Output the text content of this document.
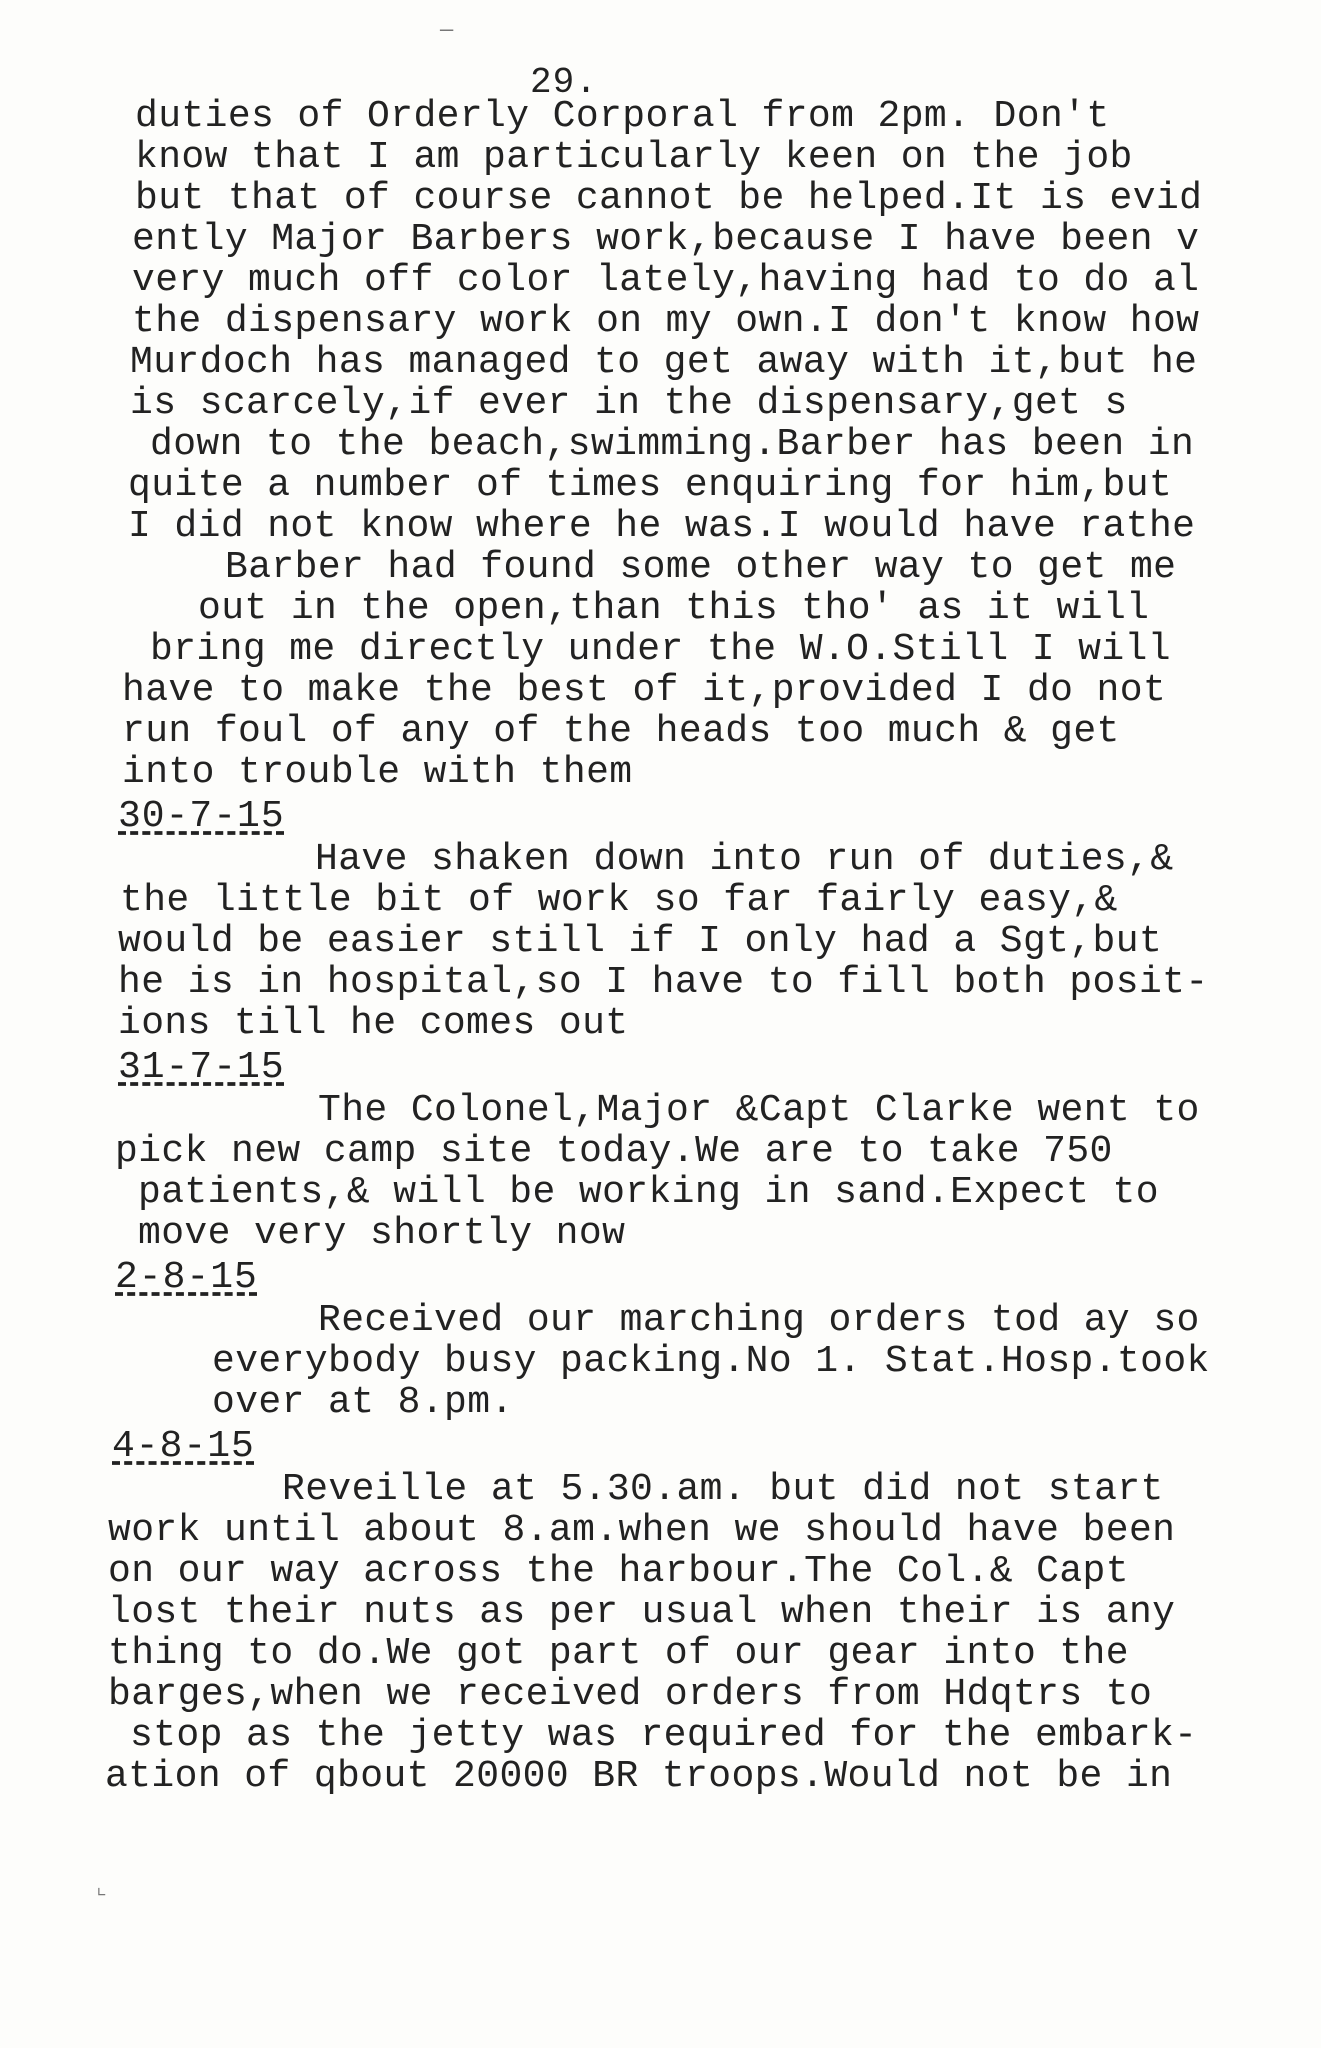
—
29.
duties of Orderly Corporal from 2pm. Don't
know that I am particularly keen on the job
but that of course cannot be helped.It is evid
ently Major Barbers work,because I have been v
very much off color lately,having had to do al
the dispensary work on my own.I don't know how
Murdoch has managed to get away with it,but he
is scarcely,if ever in the dispensary,get s
down to the beach,swimming.Barber has been in
quite a number of times enquiring for him,but
I did not know where he was.I would have rathe
Barber had found some other way to get me
out in the open,than this tho' as it will
bring me directly under the W.O.Still I will
have to make the best of it,provided I do not
run foul of any of the heads too much & get
into trouble with them
30-7-15
Have shaken down into run of duties,&
the little bit of work so far fairly easy,&
would be easier still if I only had a Sgt,but
he is in hospital,so I have to fill both posit-
ions till he comes out
31-7-15
The Colonel,Major &Capt Clarke went to
pick new camp site today.We are to take 750
patients,& will be working in sand.Expect to
move very shortly now
2-8-15
Received our marching orders tod ay so
everybody busy packing.No 1. Stat.Hosp.took
over at 8.pm.
4-8-15
Reveille at 5.30.am. but did not start
work until about 8.am.when we should have been
on our way across the harbour.The Col.& Capt
lost their nuts as per usual when their is any
thing to do.We got part of our gear into the
barges,when we received orders from Hdqtrs to
stop as the jetty was required for the embark-
ation of qbout 20000 BR troops.Would not be in
⌞
